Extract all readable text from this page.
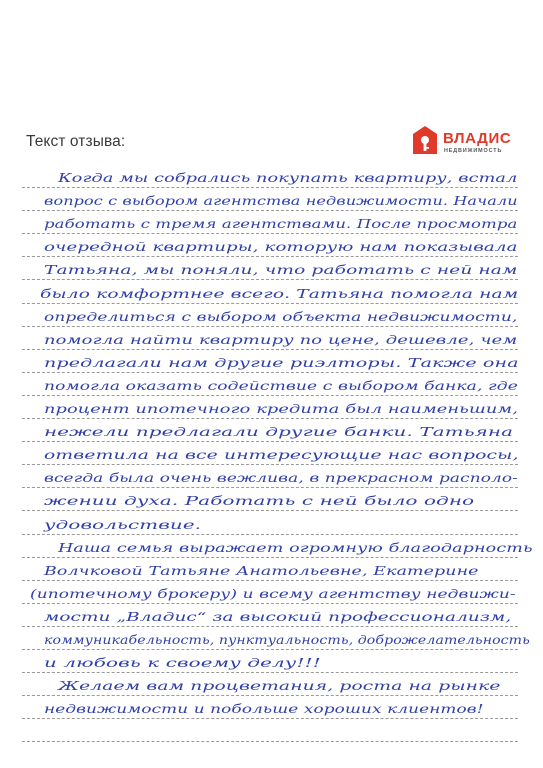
Текст отзыва:	ВЛАДИС
НЕДВИЖИМОСТЬ
Когда мы собрались покупать квартиру, встал
вопрос с выбором агентства недвижимости. Начали
работать с тремя агентствами. После просмотра
очередной квартиры, которую нам показывала
Татьяна, мы поняли, что работать с ней нам
было комфортнее всего. Татьяна помогла нам
определиться с выбором объекта недвижимости,
помогла найти квартиру по цене, дешевле, чем
предлагали нам другие риэлторы. Также она
помогла оказать содействие с выбором банка, где
процент ипотечного кредита был наименьшим,
нежели предлагали другие банки. Татьяна
ответила на все интересующие нас вопросы,
всегда была очень вежлива, в прекрасном располо-
жении духа. Работать с ней было одно
удовольствие.
Наша семья выражает огромную благодарность
Волчковой Татьяне Анатольевне, Екатерине
(ипотечному брокеру) и всему агентству недвижи-
мости „Владис“ за высокий профессионализм,
коммуникабельность, пунктуальность, доброжелательность
и любовь к своему делу!!!
Желаем вам процветания, роста на рынке
недвижимости и побольше хороших клиентов!
